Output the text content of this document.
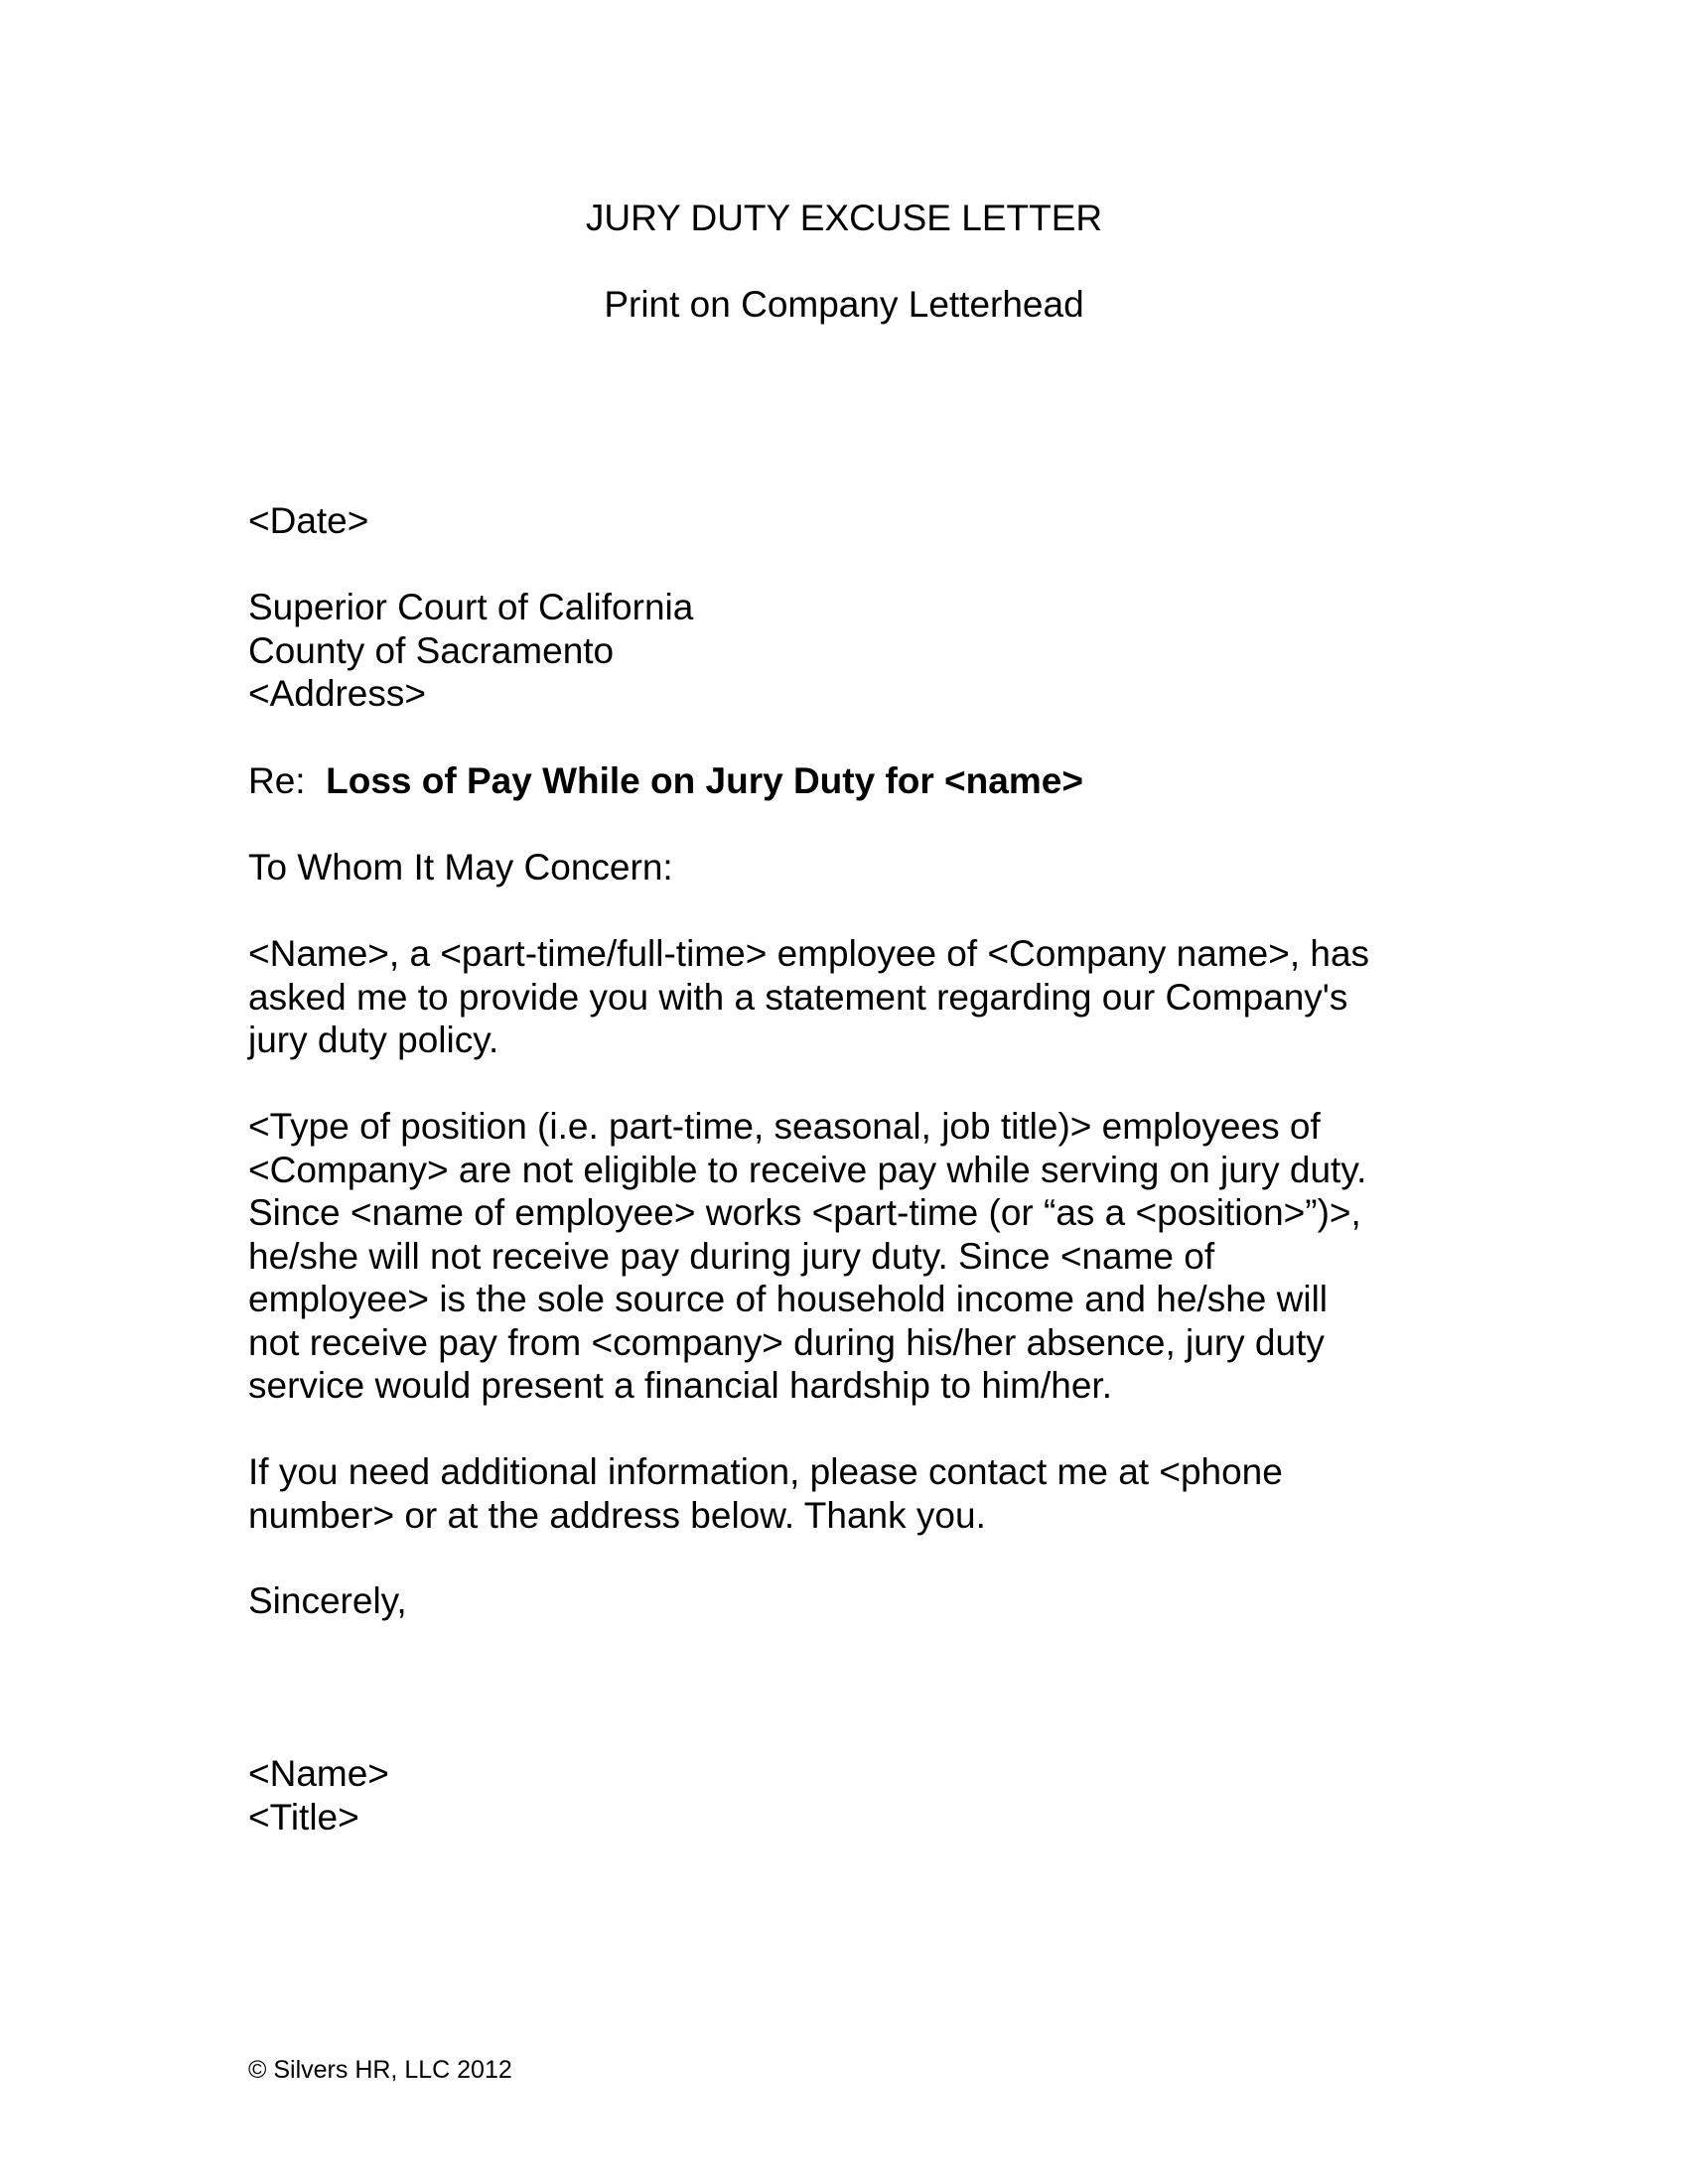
JURY DUTY EXCUSE LETTER
Print on Company Letterhead
<Date>
Superior Court of California
County of Sacramento
<Address>
Re: Loss of Pay While on Jury Duty for <name>
To Whom It May Concern:
<Name>, a <part-time/full-time> employee of <Company name>, has
asked me to provide you with a statement regarding our Company's
jury duty policy.
<Type of position (i.e. part-time, seasonal, job title)> employees of
<Company> are not eligible to receive pay while serving on jury duty.
Since <name of employee> works <part-time (or “as a <position>”)>,
he/she will not receive pay during jury duty. Since <name of
employee> is the sole source of household income and he/she will
not receive pay from <company> during his/her absence, jury duty
service would present a financial hardship to him/her.
If you need additional information, please contact me at <phone
number> or at the address below. Thank you.
Sincerely,
<Name>
<Title>
© Silvers HR, LLC 2012
